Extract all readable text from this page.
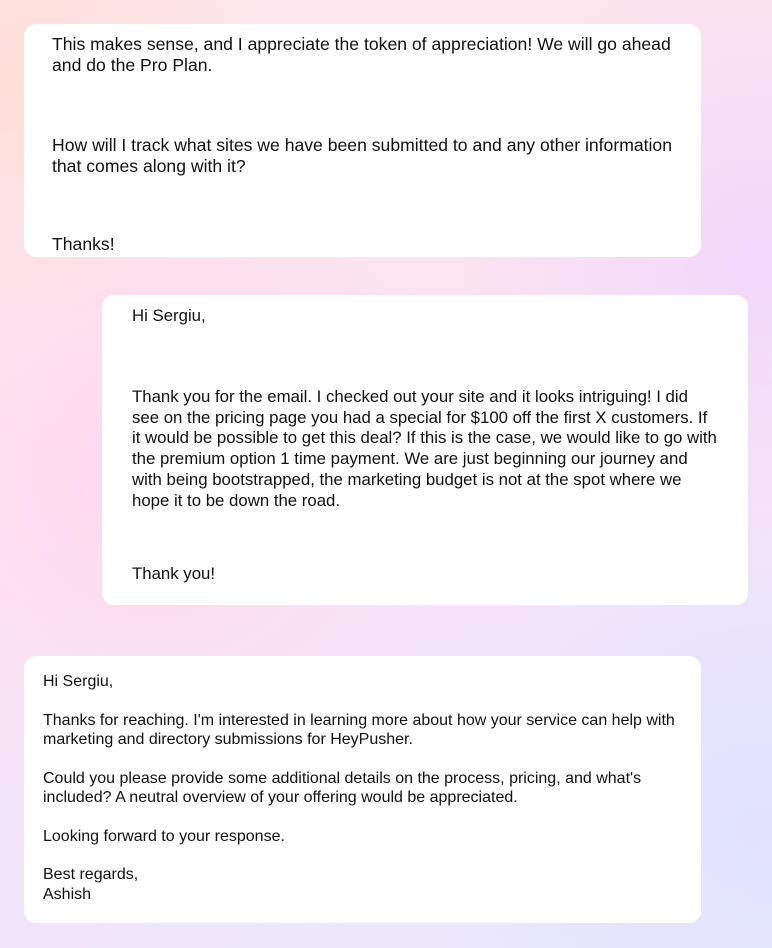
This makes sense, and I appreciate the token of appreciation! We will go ahead and do the Pro Plan.

How will I track what sites we have been submitted to and any other information that comes along with it?

Thanks!

Hi Sergiu,

Thank you for the email. I checked out your site and it looks intriguing! I did see on the pricing page you had a special for $100 off the first X customers. If it would be possible to get this deal? If this is the case, we would like to go with the premium option 1 time payment. We are just beginning our journey and with being bootstrapped, the marketing budget is not at the spot where we hope it to be down the road.

Thank you!

Hi Sergiu,

Thanks for reaching. I'm interested in learning more about how your service can help with marketing and directory submissions for HeyPusher.

Could you please provide some additional details on the process, pricing, and what's included? A neutral overview of your offering would be appreciated.

Looking forward to your response.

Best regards,
Ashish
